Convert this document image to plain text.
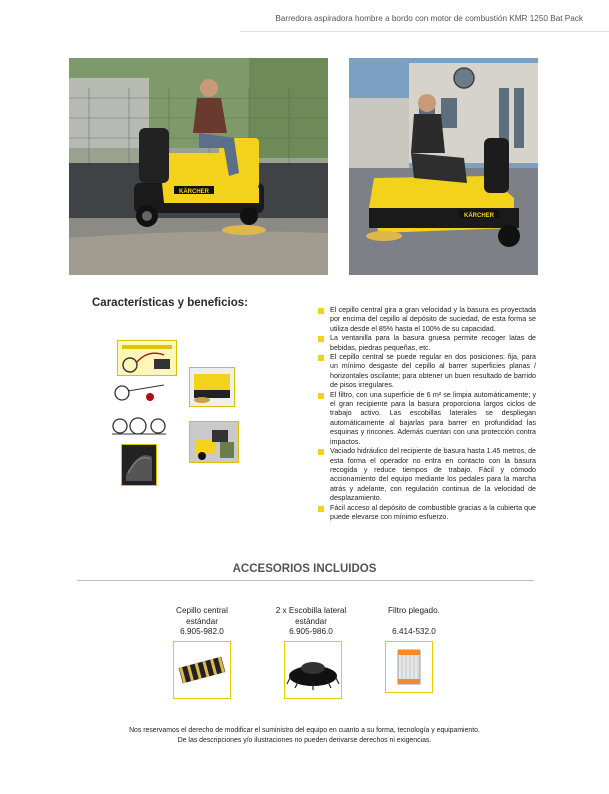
Barredora aspiradora hombre a bordo con motor de combustión KMR 1250 Bat Pack
KÄRCHER
KÄRCHER
Características y beneficios:
El cepillo central gira a gran velocidad y la basura es proyectada por encima del cepillo al depósito de suciedad, de esta forma se utiliza desde el 85% hasta el 100% de su capacidad.
La ventanilla para la basura gruesa permite recoger latas de bebidas, piedras pequeñas, etc.
El cepillo central se puede regular en dos posiciones: fija, para un mínimo desgaste del cepillo al barrer superficies planas / horizontales oscilante; para obtener un buen resultado de barrido de pisos irregulares.
El filtro, con una superficie de 6 m² se limpia automáticamente; y el gran recipiente para la basura proporciona largos ciclos de trabajo activo. Las escobillas laterales se despliegan automáticamente al bajarlas para barrer en profundidad las esquinas y rincones. Además cuentan con una protección contra impactos.
Vaciado hidráulico del recipiente de basura hasta 1.45 metros, de esta forma el operador no entra en contacto con la basura recogida y reduce tiempos de trabajo. Fácil y cómodo accionamiento del equipo mediante los pedales para la marcha atrás y adelante, con regulación continua de la velocidad de desplazamiento.
Fácil acceso al depósito de combustible gracias a la cubierta que puede elevarse con mínimo esfuerzo.
ACCESORIOS INCLUIDOS
Cepillo central
estándar
6.905-982.0
2 x Escobilla lateral
estándar
6.905-986.0
Filtro plegado.

6.414-532.0
Nos reservamos el derecho de modificar el suministro del equipo en cuanto a su forma, tecnología y equipamiento.
De las descripciones y/o ilustraciones no pueden derivarse derechos ni exigencias.
